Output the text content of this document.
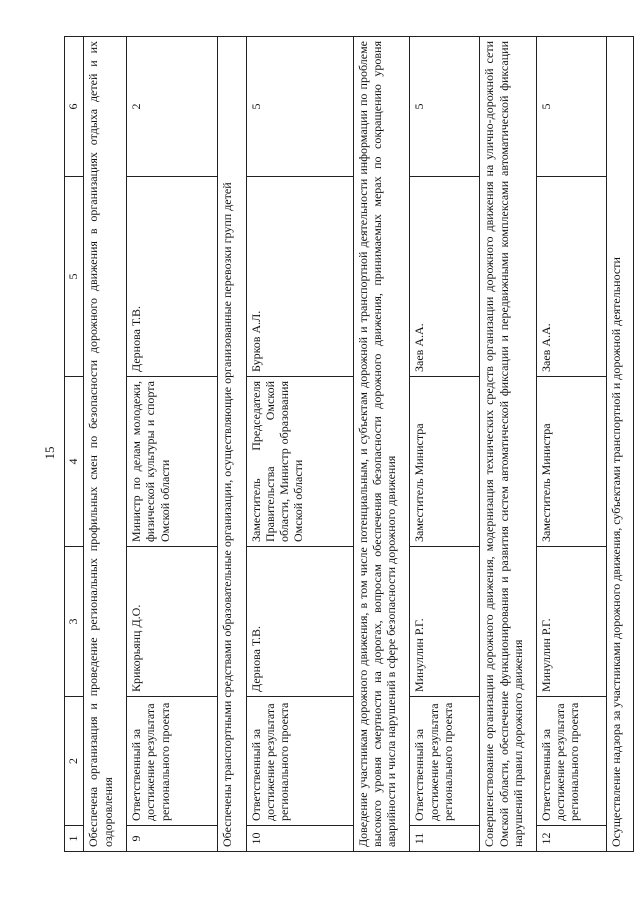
15
1	2	3	4	5	6
Обеспечена организация и проведение региональных профильных смен по безопасности дорожного движения в организациях отдыха детей и их оздоровления					
9	Ответственный за достижение результата регионального проекта	Крикорьянц Д.О.	Министр по делам молодежи, физической культуры и спорта Омской области	Дернова Т.В.	2
Обеспечены транспортными средствами образовательные организации, осуществляющие организованные перевозки групп детей					
10	Ответственный за достижение результата регионального проекта	Дернова Т.В.	Заместитель Председателя Правительства Омской области, Министр образования Омской области	Бурков А.Л.	5
Доведение участникам дорожного движения, в том числе потенциальным, и субъектам дорожной и транспортной деятельности информации по проблеме высокого уровня смертности на дорогах, вопросам обеспечения безопасности дорожного движения, принимаемых мерах по сокращению уровня аварийности и числа нарушений в сфере безопасности дорожного движения					
11	Ответственный за достижение результата регионального проекта	Минуллин Р.Г.	Заместитель Министра	Заев А.А.	5
Совершенствование организации дорожного движения, модернизация технических средств организации дорожного движения на улично-дорожной сети Омской области, обеспечение функционирования и развития систем автоматической фиксации и передвижными комплексами автоматической фиксации нарушений правил дорожного движения					
12	Ответственный за достижение результата регионального проекта	Минуллин Р.Г.	Заместитель Министра	Заев А.А.	5
Осуществление надзора за участниками дорожного движения, субъектами транспортной и дорожной деятельности					
